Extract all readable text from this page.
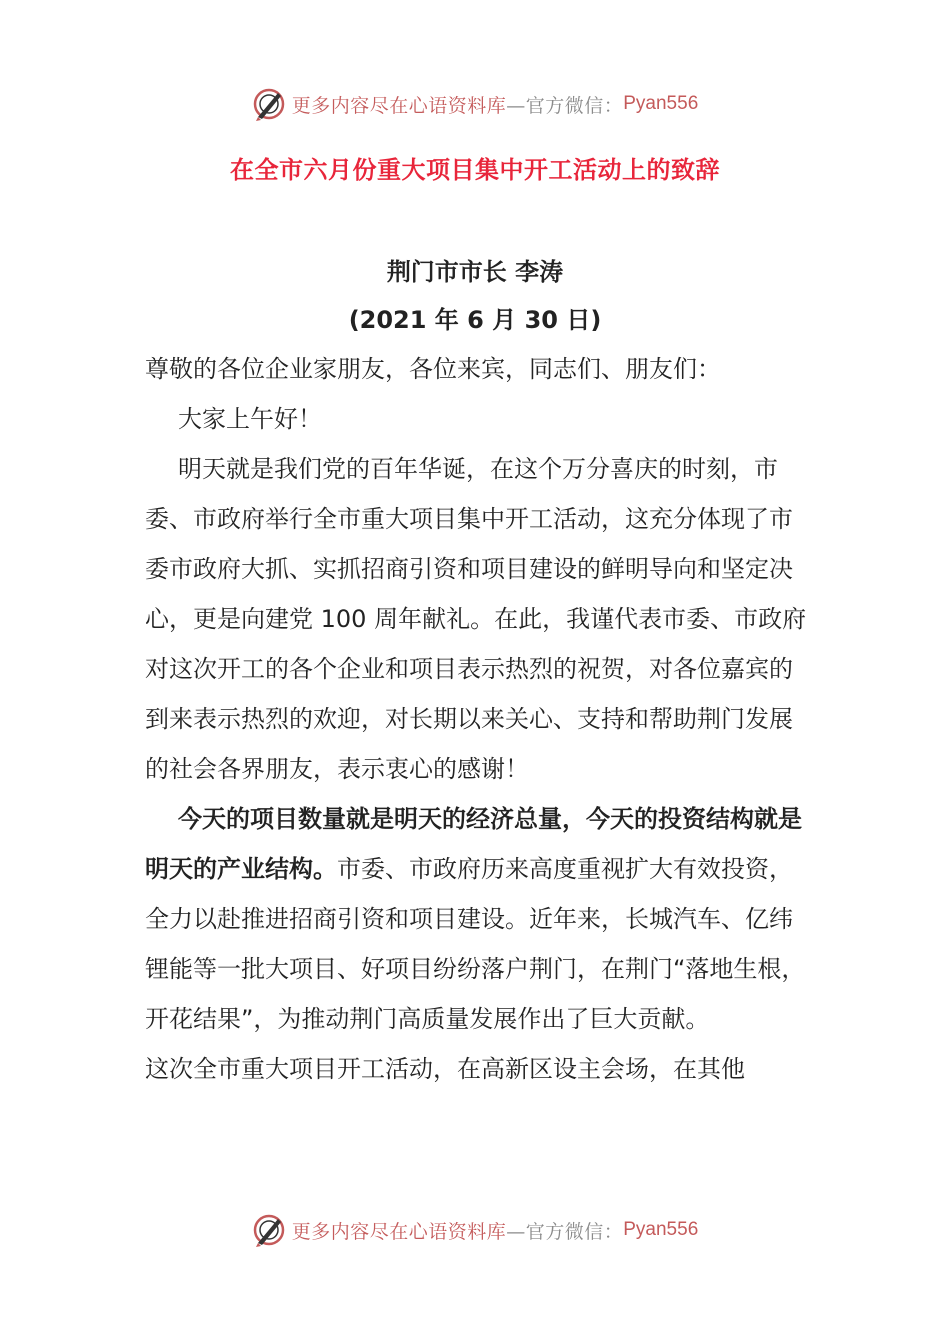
更多内容尽在心语资料库 —官方微信： Pyan556
在全市六月份重大项目集中开工活动上的致辞
荆门市市长 李涛
(2021 年 6 月 30 日)

尊敬的各位企业家朋友，各位来宾，同志们、朋友们：

大家上午好！

明天就是我们党的百年华诞，在这个万分喜庆的时刻，市委、市政府举行全市重大项目集中开工活动，这充分体现了市委市政府大抓、实抓招商引资和项目建设的鲜明导向和坚定决心，更是向建党 100 周年献礼。在此，我谨代表市委、市政府对这次开工的各个企业和项目表示热烈的祝贺，对各位嘉宾的到来表示热烈的欢迎，对长期以来关心、支持和帮助荆门发展的社会各界朋友，表示衷心的感谢！

今天的项目数量就是明天的经济总量，今天的投资结构就是明天的产业结构。市委、市政府历来高度重视扩大有效投资，全力以赴推进招商引资和项目建设。近年来，长城汽车、亿纬锂能等一批大项目、好项目纷纷落户荆门，在荆门“落地生根，开花结果”，为推动荆门高质量发展作出了巨大贡献。

这次全市重大项目开工活动，在高新区设主会场，在其他

更多内容尽在心语资料库 —官方微信： Pyan556
